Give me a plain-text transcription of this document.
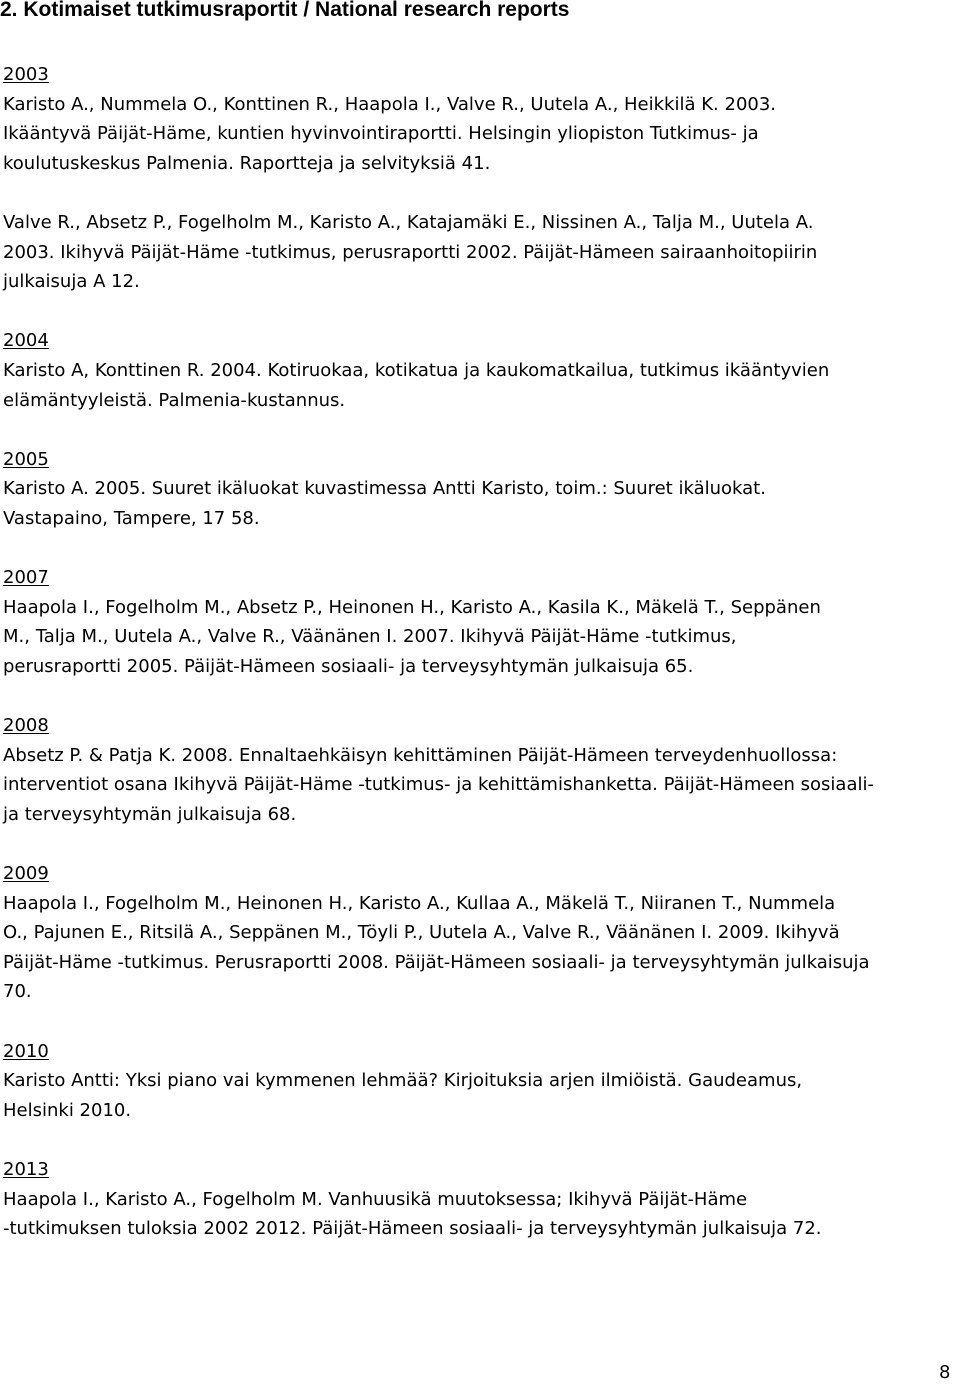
2. Kotimaiset tutkimusraportit / National research reports
2003
Karisto A., Nummela O., Konttinen R., Haapola I., Valve R., Uutela A., Heikkilä K. 2003.
Ikääntyvä Päijät-Häme, kuntien hyvinvointiraportti. Helsingin yliopiston Tutkimus- ja
koulutuskeskus Palmenia. Raportteja ja selvityksiä 41.
Valve R., Absetz P., Fogelholm M., Karisto A., Katajamäki E., Nissinen A., Talja M., Uutela A.
2003. Ikihyvä Päijät-Häme -tutkimus, perusraportti 2002. Päijät-Hämeen sairaanhoitopiirin
julkaisuja A 12.
2004
Karisto A, Konttinen R. 2004. Kotiruokaa, kotikatua ja kaukomatkailua, tutkimus ikääntyvien
elämäntyyleistä. Palmenia-kustannus.
2005
Karisto A. 2005. Suuret ikäluokat kuvastimessa Antti Karisto, toim.: Suuret ikäluokat.
Vastapaino, Tampere, 17 58.
2007
Haapola I., Fogelholm M., Absetz P., Heinonen H., Karisto A., Kasila K., Mäkelä T., Seppänen
M., Talja M., Uutela A., Valve R., Väänänen I. 2007. Ikihyvä Päijät-Häme -tutkimus,
perusraportti 2005. Päijät-Hämeen sosiaali- ja terveysyhtymän julkaisuja 65.
2008
Absetz P. & Patja K. 2008. Ennaltaehkäisyn kehittäminen Päijät-Hämeen terveydenhuollossa:
interventiot osana Ikihyvä Päijät-Häme -tutkimus- ja kehittämishanketta. Päijät-Hämeen sosiaali-
ja terveysyhtymän julkaisuja 68.
2009
Haapola I., Fogelholm M., Heinonen H., Karisto A., Kullaa A., Mäkelä T., Niiranen T., Nummela
O., Pajunen E., Ritsilä A., Seppänen M., Töyli P., Uutela A., Valve R., Väänänen I. 2009. Ikihyvä
Päijät-Häme -tutkimus. Perusraportti 2008. Päijät-Hämeen sosiaali- ja terveysyhtymän julkaisuja
70.
2010
Karisto Antti: Yksi piano vai kymmenen lehmää? Kirjoituksia arjen ilmiöistä. Gaudeamus,
Helsinki 2010.
2013
Haapola I., Karisto A., Fogelholm M. Vanhuusikä muutoksessa; Ikihyvä Päijät-Häme
-tutkimuksen tuloksia 2002 2012. Päijät-Hämeen sosiaali- ja terveysyhtymän julkaisuja 72.
8
